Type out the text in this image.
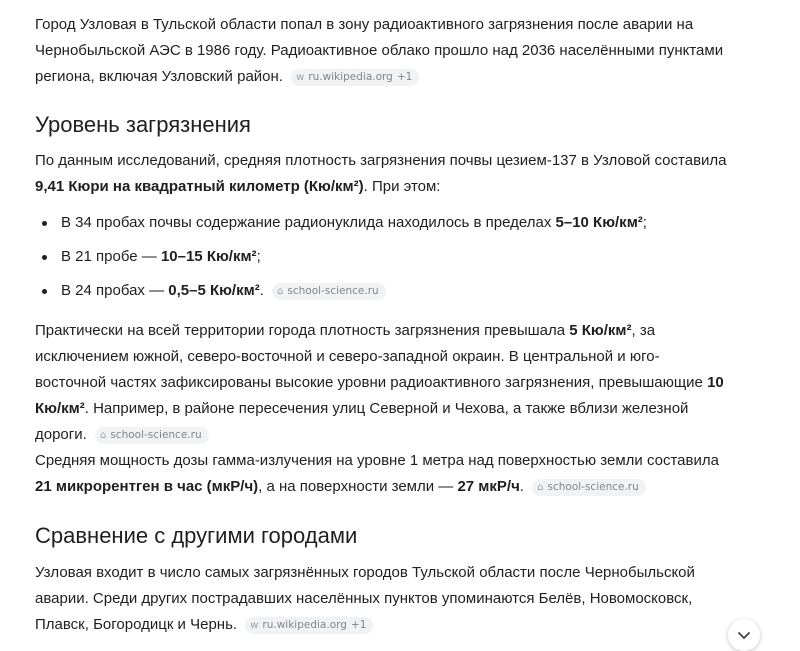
Город Узловая в Тульской области попал в зону радиоактивного загрязнения после аварии на
Чернобыльской АЭС в 1986 году. Радиоактивное облако прошло над 2036 населёнными пунктами
региона, включая Узловский район. w ru.wikipedia.org +1

Уровень загрязнения

По данным исследований, средняя плотность загрязнения почвы цезием-137 в Узловой составила
9,41 Кюри на квадратный километр (Кю/км²). При этом:

В 34 пробах почвы содержание радионуклида находилось в пределах 5–10 Кю/км²;
В 21 пробе — 10–15 Кю/км²;
В 24 пробах — 0,5–5 Кю/км². ⌂ school-science.ru

Практически на всей территории города плотность загрязнения превышала 5 Кю/км², за
исключением южной, северо-восточной и северо-западной окраин. В центральной и юго-
восточной частях зафиксированы высокие уровни радиоактивного загрязнения, превышающие 10
Кю/км². Например, в районе пересечения улиц Северной и Чехова, а также вблизи железной
дороги. ⌂ school-science.ru

Средняя мощность дозы гамма-излучения на уровне 1 метра над поверхностью земли составила
21 микрорентген в час (мкР/ч), а на поверхности земли — 27 мкР/ч. ⌂ school-science.ru

Сравнение с другими городами

Узловая входит в число самых загрязнённых городов Тульской области после Чернобыльской
аварии. Среди других пострадавших населённых пунктов упоминаются Белёв, Новомосковск,
Плавск, Богородицк и Чернь. w ru.wikipedia.org +1
